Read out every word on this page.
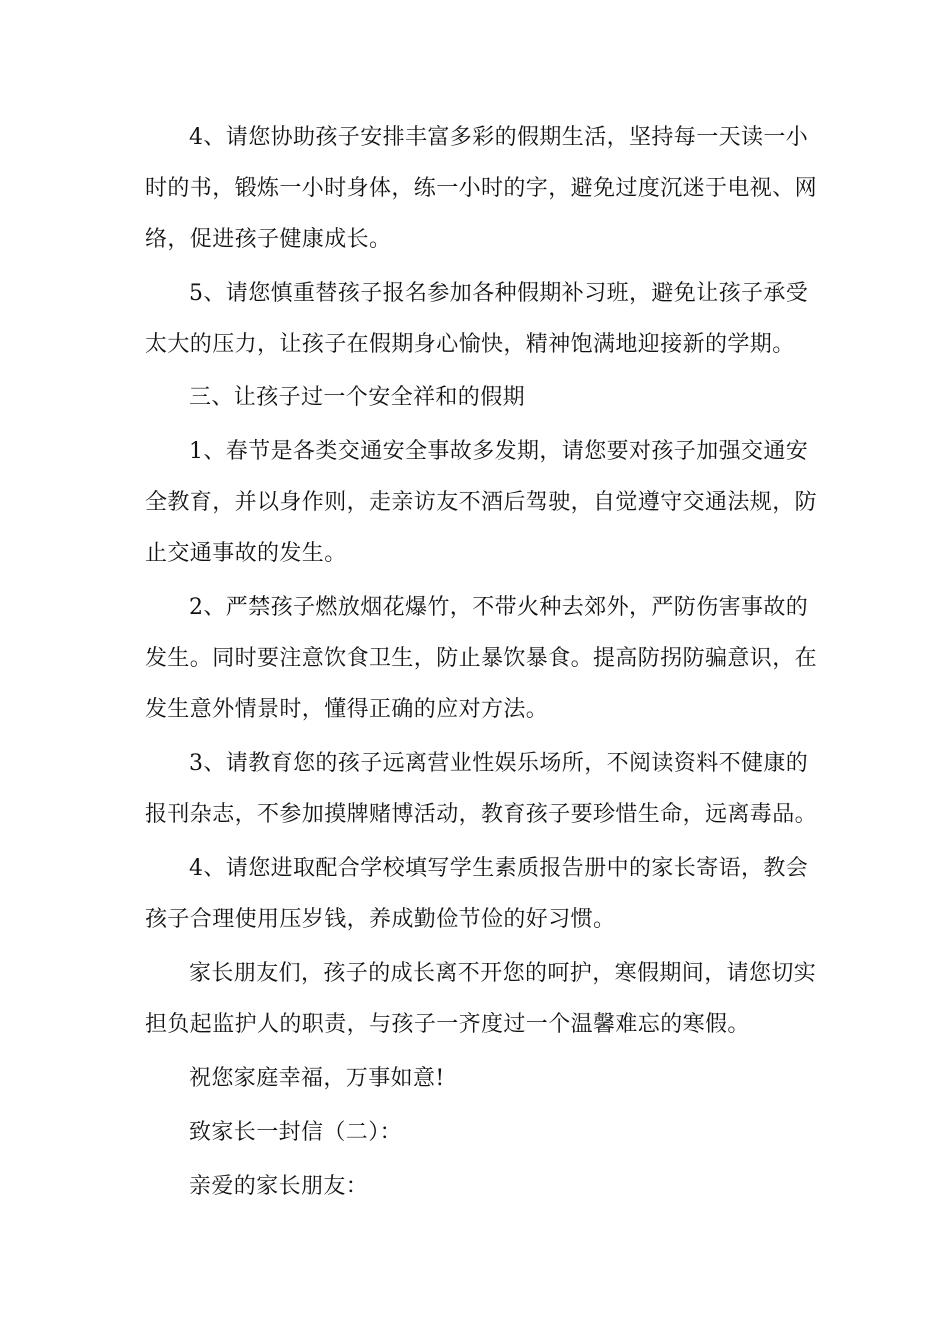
4、请您协助孩子安排丰富多彩的假期生活，坚持每一天读一小
时的书，锻炼一小时身体，练一小时的字，避免过度沉迷于电视、网
络，促进孩子健康成长。
5、请您慎重替孩子报名参加各种假期补习班，避免让孩子承受
太大的压力，让孩子在假期身心愉快，精神饱满地迎接新的学期。
三、让孩子过一个安全祥和的假期
1、春节是各类交通安全事故多发期，请您要对孩子加强交通安
全教育，并以身作则，走亲访友不酒后驾驶，自觉遵守交通法规，防
止交通事故的发生。
2、严禁孩子燃放烟花爆竹，不带火种去郊外，严防伤害事故的
发生。同时要注意饮食卫生，防止暴饮暴食。提高防拐防骗意识，在
发生意外情景时，懂得正确的应对方法。
3、请教育您的孩子远离营业性娱乐场所，不阅读资料不健康的
报刊杂志，不参加摸牌赌博活动，教育孩子要珍惜生命，远离毒品。
4、请您进取配合学校填写学生素质报告册中的家长寄语，教会
孩子合理使用压岁钱，养成勤俭节俭的好习惯。
家长朋友们，孩子的成长离不开您的呵护，寒假期间，请您切实
担负起监护人的职责，与孩子一齐度过一个温馨难忘的寒假。
祝您家庭幸福，万事如意!
致家长一封信（二）：
亲爱的家长朋友：
